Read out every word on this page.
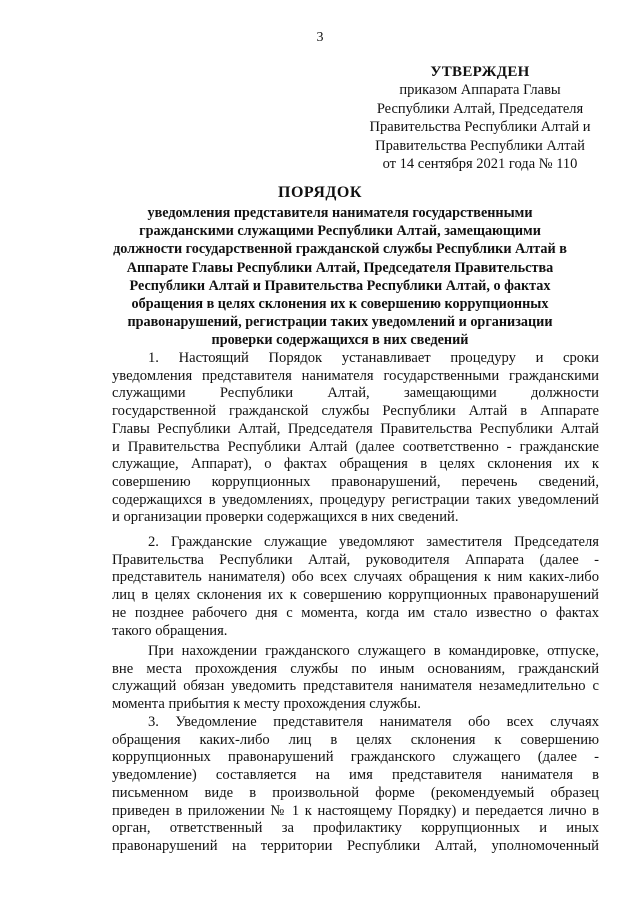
3
УТВЕРЖДЕН
приказом Аппарата Главы
Республики Алтай, Председателя
Правительства Республики Алтай и
Правительства Республики Алтай
от 14 сентября 2021 года № 110
ПОРЯДОК
уведомления представителя нанимателя государственными
гражданскими служащими Республики Алтай, замещающими
должности государственной гражданской службы Республики Алтай в
Аппарате Главы Республики Алтай, Председателя Правительства
Республики Алтай и Правительства Республики Алтай, о фактах
обращения в целях склонения их к совершению коррупционных
правонарушений, регистрации таких уведомлений и организации
проверки содержащихся в них сведений
1. Настоящий Порядок устанавливает процедуру и сроки
уведомления представителя нанимателя государственными гражданскими
служащими Республики Алтай, замещающими должности
государственной гражданской службы Республики Алтай в Аппарате
Главы Республики Алтай, Председателя Правительства Республики Алтай
и Правительства Республики Алтай (далее соответственно - гражданские
служащие, Аппарат), о фактах обращения в целях склонения их к
совершению коррупционных правонарушений, перечень сведений,
содержащихся в уведомлениях, процедуру регистрации таких уведомлений
и организации проверки содержащихся в них сведений.
2. Гражданские служащие уведомляют заместителя Председателя
Правительства Республики Алтай, руководителя Аппарата (далее -
представитель нанимателя) обо всех случаях обращения к ним каких-либо
лиц в целях склонения их к совершению коррупционных правонарушений
не позднее рабочего дня с момента, когда им стало известно о фактах
такого обращения.
При нахождении гражданского служащего в командировке, отпуске,
вне места прохождения службы по иным основаниям, гражданский
служащий обязан уведомить представителя нанимателя незамедлительно с
момента прибытия к месту прохождения службы.
3. Уведомление представителя нанимателя обо всех случаях
обращения каких-либо лиц в целях склонения к совершению
коррупционных правонарушений гражданского служащего (далее -
уведомление) составляется на имя представителя нанимателя в
письменном виде в произвольной форме (рекомендуемый образец
приведен в приложении № 1 к настоящему Порядку) и передается лично в
орган, ответственный за профилактику коррупционных и иных
правонарушений на территории Республики Алтай, уполномоченный
